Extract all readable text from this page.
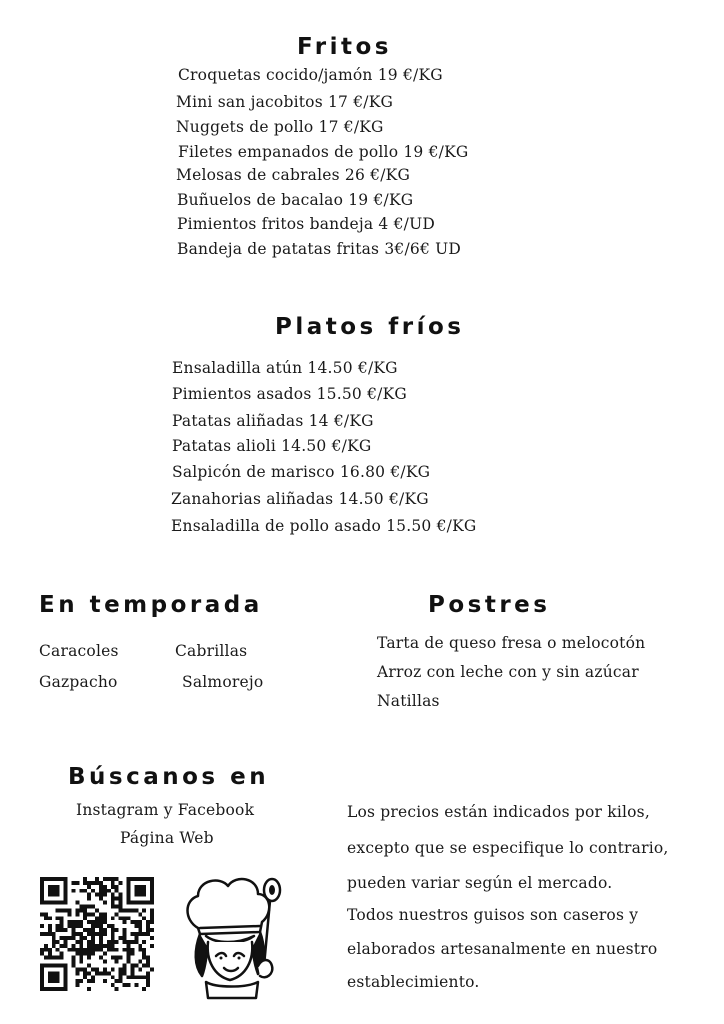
Fritos
Croquetas cocido/jamón 19 €/KG
Mini san jacobitos 17 €/KG
Nuggets de pollo 17 €/KG
Filetes empanados de pollo 19 €/KG
Melosas de cabrales 26 €/KG
Buñuelos de bacalao 19 €/KG
Pimientos fritos bandeja 4 €/UD
Bandeja de patatas fritas 3€/6€ UD
Platos fríos
Ensaladilla atún 14.50 €/KG
Pimientos asados 15.50 €/KG
Patatas aliñadas 14 €/KG
Patatas alioli 14.50 €/KG
Salpicón de marisco 16.80 €/KG
Zanahorias aliñadas 14.50 €/KG
Ensaladilla de pollo asado 15.50 €/KG
En temporada
Caracoles
Gazpacho
Cabrillas
Salmorejo
Postres
Tarta de queso fresa o melocotón
Arroz con leche con y sin azúcar
Natillas
Búscanos en
Instagram y Facebook
Página Web
Los precios están indicados por kilos,
excepto que se especifique lo contrario,
pueden variar según el mercado.
Todos nuestros guisos son caseros y
elaborados artesanalmente en nuestro
establecimiento.
